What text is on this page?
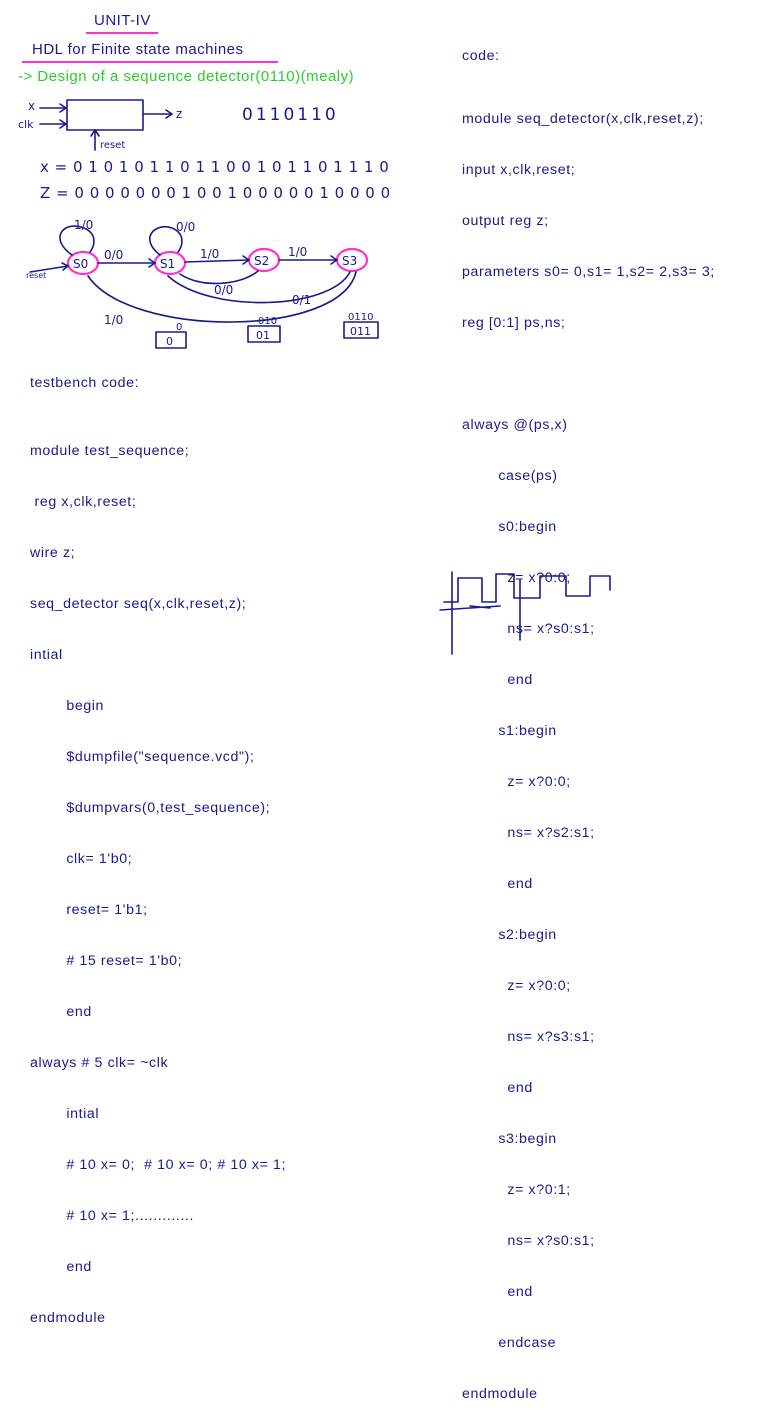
UNIT-IV
HDL for Finite state machines
-> Design of a sequence detector(0110)(mealy)
x
clk
z
reset
0110110
x = 0 1 0 1 0 1 1 0 1 1 0 0 1 0 1 1 0 1 1 1 0
Z = 0 0 0 0 0 0 0 1 0 0 1 0 0 0 0 0 1 0 0 0 0
S0	S1	S2	S3
1/0
0/0
0/0
1/0	1/0
0/0
0/1
1/0
reset
0	01	011
0
010	0110
testbench code:

module test_sequence;

reg x,clk,reset;

wire z;

seq_detector seq(x,clk,reset,z);

intial

begin

$dumpfile("sequence.vcd");

$dumpvars(0,test_sequence);

clk= 1'b0;

reset= 1'b1;

# 15 reset= 1'b0;

end

always # 5 clk= ~clk

intial

# 10 x= 0;  # 10 x= 0; # 10 x= 1;

# 10 x= 1;.............

end

endmodule

code:

module seq_detector(x,clk,reset,z);

input x,clk,reset;

output reg z;

parameters s0= 0,s1= 1,s2= 2,s3= 3;

reg [0:1] ps,ns;

always @(ps,x)

case(ps)

s0:begin

z= x?0:0;

ns= x?s0:s1;

end

s1:begin

z= x?0:0;

ns= x?s2:s1;

end

s2:begin

z= x?0:0;

ns= x?s3:s1;

end

s3:begin

z= x?0:1;

ns= x?s0:s1;

end

endcase

endmodule
